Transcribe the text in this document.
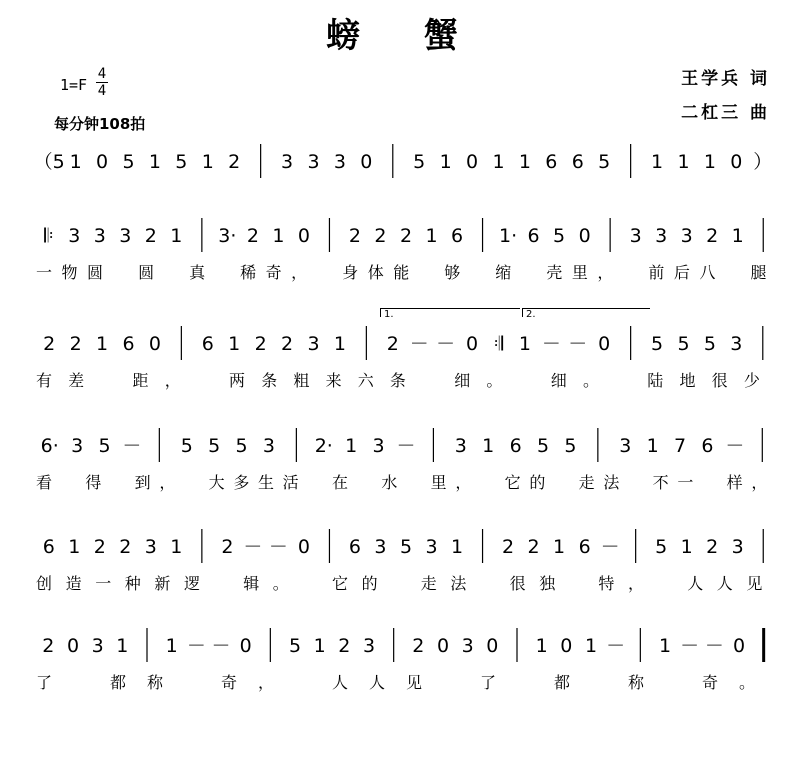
螃 蟹
1=F
4
4
每分钟108拍
王学兵 词
二杠三 曲
（5 1 0 5 1 5 1 2 3 3 3 0 5 1 0 1 1 6 6 5 1 1 1 0 ）
𝄆 3 3 3 2 1 3· 2 1 0 2 2 2 1 6 1· 6 5 0 3 3 3 2 1
一 物 圆 圆 真 稀 奇 ， 身 体 能 够 缩 壳 里 ， 前 后 八 腿
2 2 1 6 0 6 1 2 2 3 1 2 － － 0 𝄇 1 － － 0 5 5 5 3
有 差	距 ，	两 条 粗 来 六 条	细 。	细 。	陆 地 很 少
6· 3 5 － 5 5 5 3 2· 1 3 － 3 1 6 5 5 3 1 7 6 －
看 得 到 ， 大 多 生 活 在 水 里 ， 它 的 走 法 不 一 样 ，
6 1 2 2 3 1 2 － － 0 6 3 5 3 1 2 2 1 6 － 5 1 2 3
创 造 一 种 新 逻	辑 。	它 的	走 法	很 独	特 ，	人 人 见
2 0 3 1 1 － － 0 5 1 2 3 2 0 3 0 1 0 1 － 1 － － 0
了	都 称	奇 ，	人 人 见	了	都	称	奇 。
1.	2.
